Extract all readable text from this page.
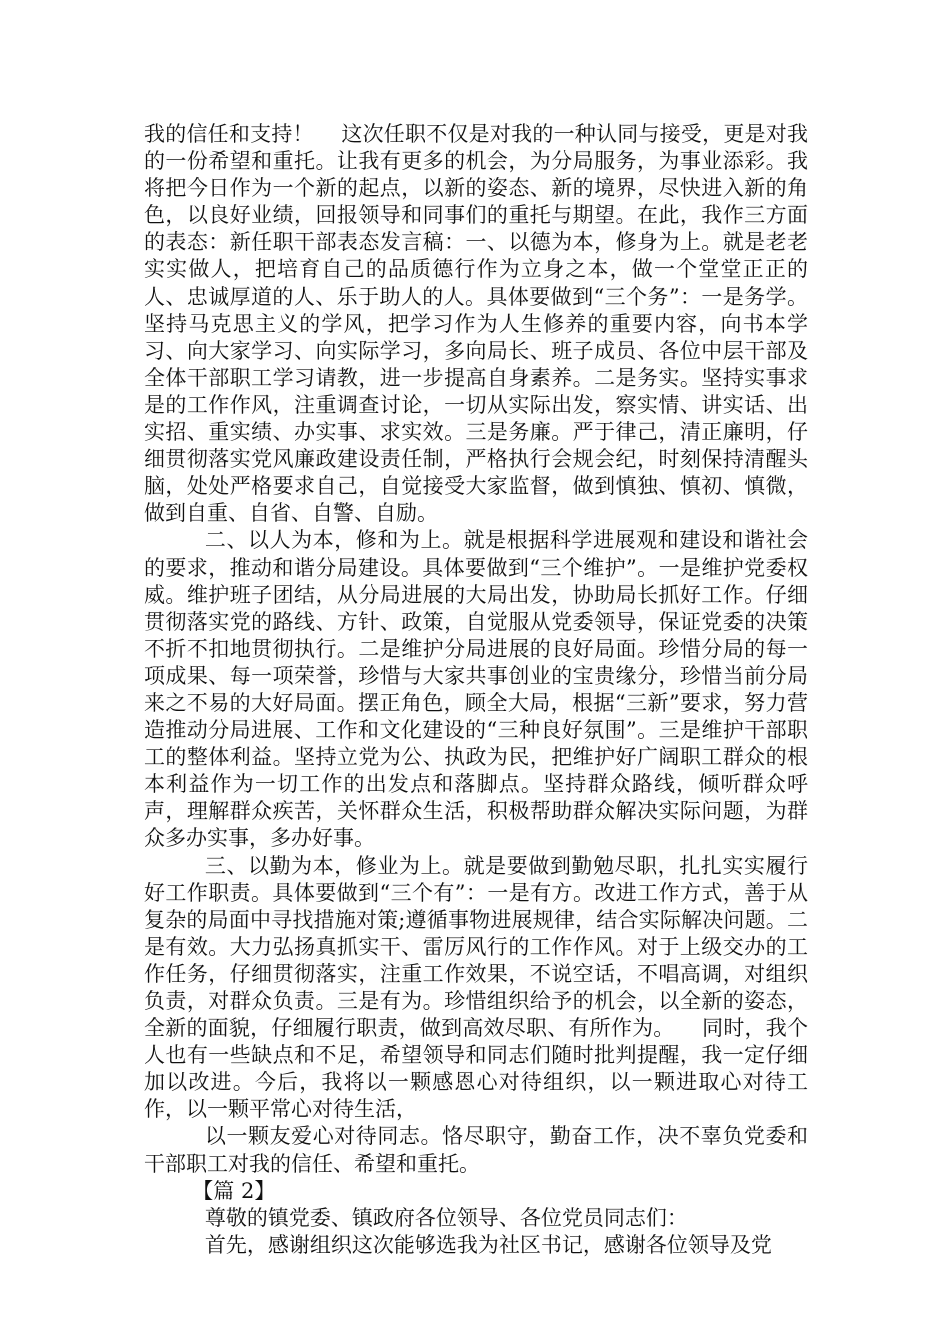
我的信任和支持！    这次任职不仅是对我的一种认同与接受，更是对我的一份希望和重托。让我有更多的机会，为分局服务，为事业添彩。我将把今日作为一个新的起点，以新的姿态、新的境界，尽快进入新的角色，以良好业绩，回报领导和同事们的重托与期望。在此，我作三方面的表态：新任职干部表态发言稿：一、以德为本，修身为上。就是老老实实做人，把培育自己的品质德行作为立身之本，做一个堂堂正正的人、忠诚厚道的人、乐于助人的人。具体要做到“三个务”：一是务学。坚持马克思主义的学风，把学习作为人生修养的重要内容，向书本学习、向大家学习、向实际学习，多向局长、班子成员、各位中层干部及全体干部职工学习请教，进一步提高自身素养。二是务实。坚持实事求是的工作作风，注重调查讨论，一切从实际出发，察实情、讲实话、出实招、重实绩、办实事、求实效。三是务廉。严于律己，清正廉明，仔细贯彻落实党风廉政建设责任制，严格执行会规会纪，时刻保持清醒头脑，处处严格要求自己，自觉接受大家监督，做到慎独、慎初、慎微，做到自重、自省、自警、自励。

二、以人为本，修和为上。就是根据科学进展观和建设和谐社会的要求，推动和谐分局建设。具体要做到“三个维护”。一是维护党委权威。维护班子团结，从分局进展的大局出发，协助局长抓好工作。仔细贯彻落实党的路线、方针、政策，自觉服从党委领导，保证党委的决策不折不扣地贯彻执行。二是维护分局进展的良好局面。珍惜分局的每一项成果、每一项荣誉，珍惜与大家共事创业的宝贵缘分，珍惜当前分局来之不易的大好局面。摆正角色，顾全大局，根据“三新”要求，努力营造推动分局进展、工作和文化建设的“三种良好氛围”。三是维护干部职工的整体利益。坚持立党为公、执政为民，把维护好广阔职工群众的根本利益作为一切工作的出发点和落脚点。坚持群众路线，倾听群众呼声，理解群众疾苦，关怀群众生活，积极帮助群众解决实际问题，为群众多办实事，多办好事。

三、以勤为本，修业为上。就是要做到勤勉尽职，扎扎实实履行好工作职责。具体要做到“三个有”：一是有方。改进工作方式，善于从复杂的局面中寻找措施对策;遵循事物进展规律，结合实际解决问题。二是有效。大力弘扬真抓实干、雷厉风行的工作作风。对于上级交办的工作任务，仔细贯彻落实，注重工作效果，不说空话，不唱高调，对组织负责，对群众负责。三是有为。珍惜组织给予的机会，以全新的姿态，全新的面貌，仔细履行职责，做到高效尽职、有所作为。    同时，我个人也有一些缺点和不足，希望领导和同志们随时批判提醒，我一定仔细加以改进。今后，我将以一颗感恩心对待组织，以一颗进取心对待工作，以一颗平常心对待生活，

以一颗友爱心对待同志。恪尽职守，勤奋工作，决不辜负党委和干部职工对我的信任、希望和重托。

【篇 2】

尊敬的镇党委、镇政府各位领导、各位党员同志们：

首先，感谢组织这次能够选我为社区书记，感谢各位领导及党
